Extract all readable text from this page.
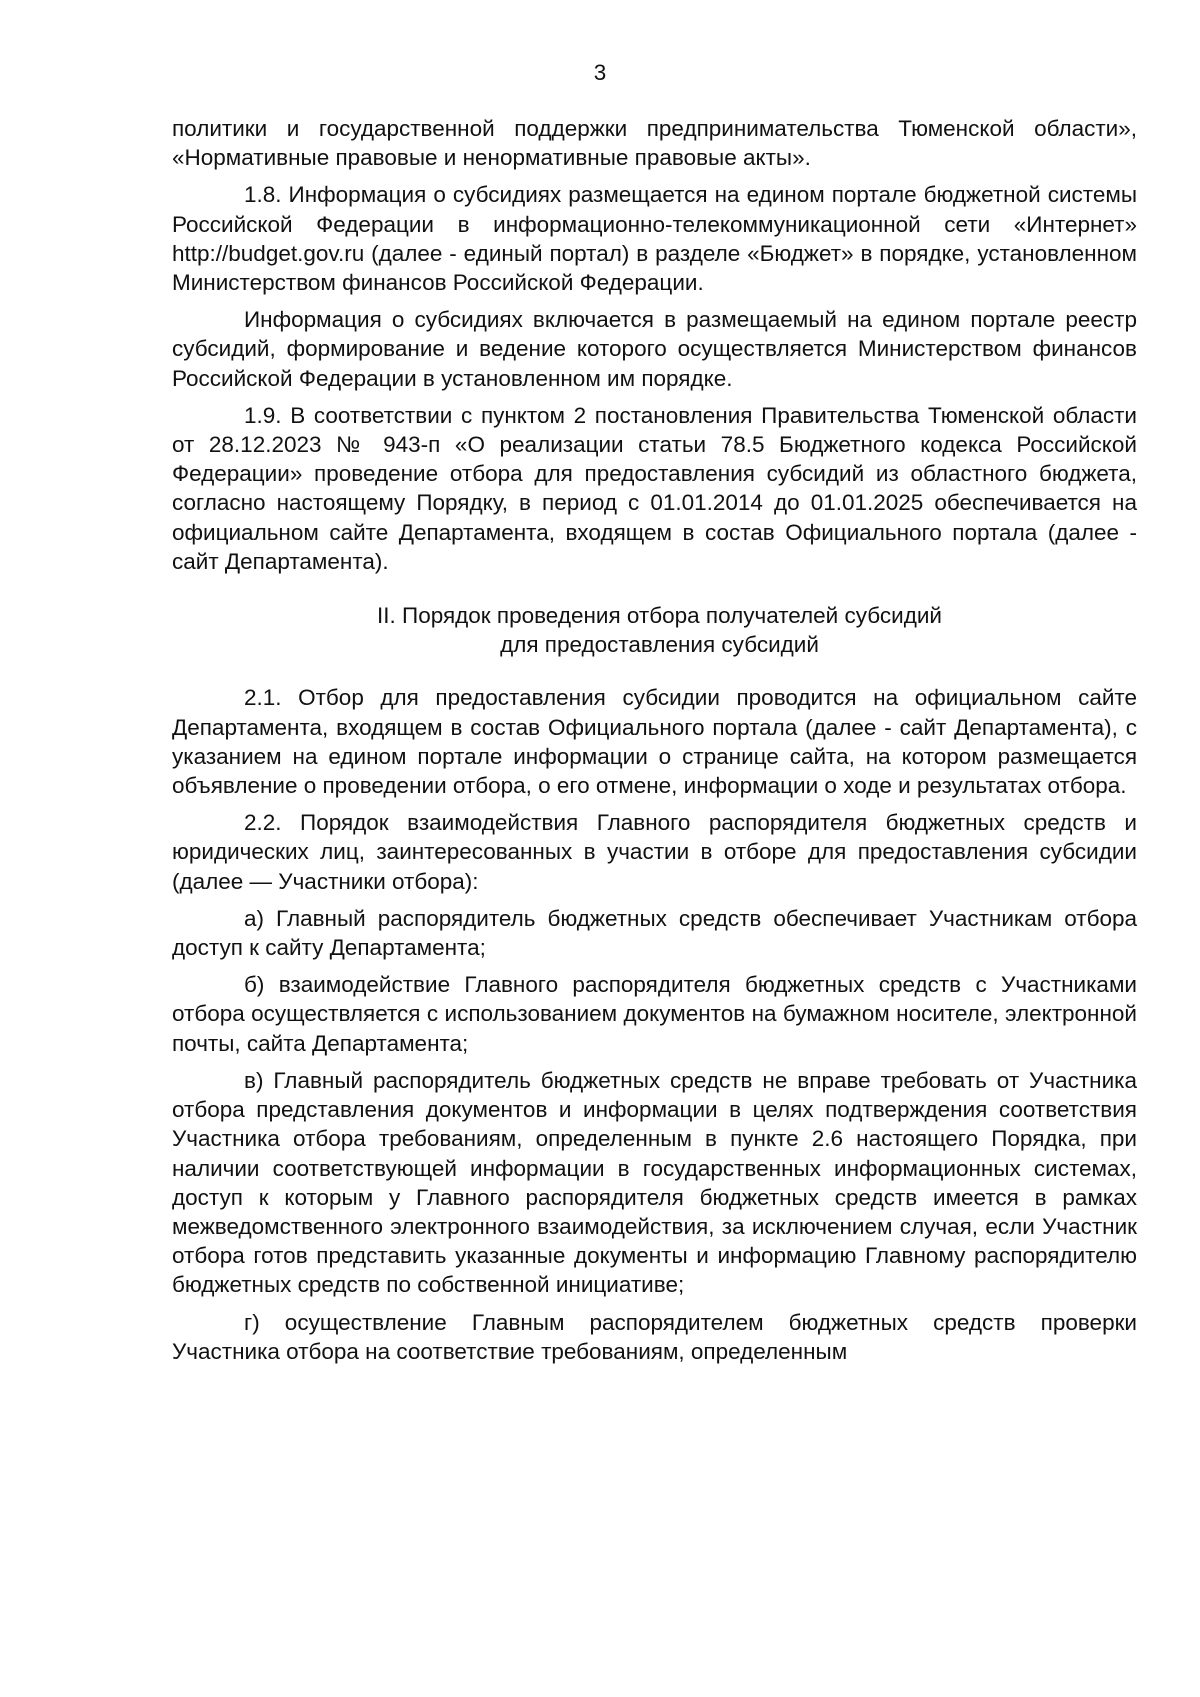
3

политики и государственной поддержки предпринимательства Тюменской области», «Нормативные правовые и ненормативные правовые акты».

1.8. Информация о субсидиях размещается на едином портале бюджетной системы Российской Федерации в информационно-телекоммуникационной сети «Интернет» http://budget.gov.ru (далее - единый портал) в разделе «Бюджет» в порядке, установленном Министерством финансов Российской Федерации.

Информация о субсидиях включается в размещаемый на едином портале реестр субсидий, формирование и ведение которого осуществляется Министерством финансов Российской Федерации в установленном им порядке.

1.9. В соответствии с пунктом 2 постановления Правительства Тюменской области от 28.12.2023 № 943-п «О реализации статьи 78.5 Бюджетного кодекса Российской Федерации» проведение отбора для предоставления субсидий из областного бюджета, согласно настоящему Порядку, в период с 01.01.2014 до 01.01.2025 обеспечивается на официальном сайте Департамента, входящем в состав Официального портала (далее - сайт Департамента).

II. Порядок проведения отбора получателей субсидий
для предоставления субсидий

2.1. Отбор для предоставления субсидии проводится на официальном сайте Департамента, входящем в состав Официального портала (далее - сайт Департамента), с указанием на едином портале информации о странице сайта, на котором размещается объявление о проведении отбора, о его отмене, информации о ходе и результатах отбора.

2.2. Порядок взаимодействия Главного распорядителя бюджетных средств и юридических лиц, заинтересованных в участии в отборе для предоставления субсидии (далее — Участники отбора):

а) Главный распорядитель бюджетных средств обеспечивает Участникам отбора доступ к сайту Департамента;

б) взаимодействие Главного распорядителя бюджетных средств с Участниками отбора осуществляется с использованием документов на бумажном носителе, электронной почты, сайта Департамента;

в) Главный распорядитель бюджетных средств не вправе требовать от Участника отбора представления документов и информации в целях подтверждения соответствия Участника отбора требованиям, определенным в пункте 2.6 настоящего Порядка, при наличии соответствующей информации в государственных информационных системах, доступ к которым у Главного распорядителя бюджетных средств имеется в рамках межведомственного электронного взаимодействия, за исключением случая, если Участник отбора готов представить указанные документы и информацию Главному распорядителю бюджетных средств по собственной инициативе;

г) осуществление Главным распорядителем бюджетных средств проверки Участника отбора на соответствие требованиям, определенным
